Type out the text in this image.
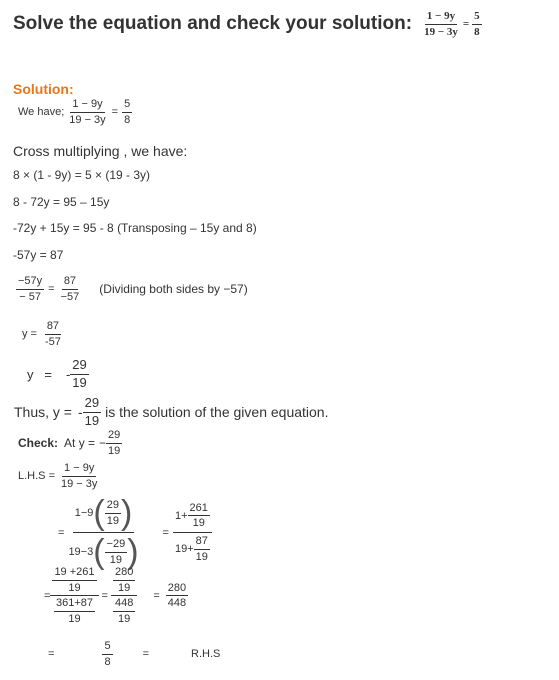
Solve the equation and check your solution: $\frac{1 - 9y}{19 - 3y} = \frac{5}{8}$
Solution:
We have; $\frac{1 - 9y}{19 - 3y} = \frac{5}{8}$
Cross multiplying , we have:
8 × (1 - 9y) = 5 × (19 - 3y)
8 - 72y = 95 – 15y
-72y + 15y = 95 - 8 (Transposing – 15y and 8)
-57y = 87
$\frac{-57y}{- 57} = \frac{87}{-57}$ (Dividing both sides by −57)
$y = \frac{87}{-57}$
y   = - $\frac{29}{19}$
Thus, y = - $\frac{29}{19}$ is the solution of the given equation.
Check: At y = − $\frac{29}{19}$
$L.H.S = \frac{1 - 9y}{19 - 3y}$
= $\frac{1-9 ( \frac{29}{19} )}{19-3 ( \frac{-29}{19} )} = \frac{1+ \frac{261}{19}}{19+ \frac{87}{19}}$
= $\frac{\frac{19 +261}{19}}{\frac{361+87}{19}} = \frac{\frac{280}{19}}{\frac{448}{19}} = \frac{280}{448}$
=	$\frac{5}{8}$	=	R.H.S
